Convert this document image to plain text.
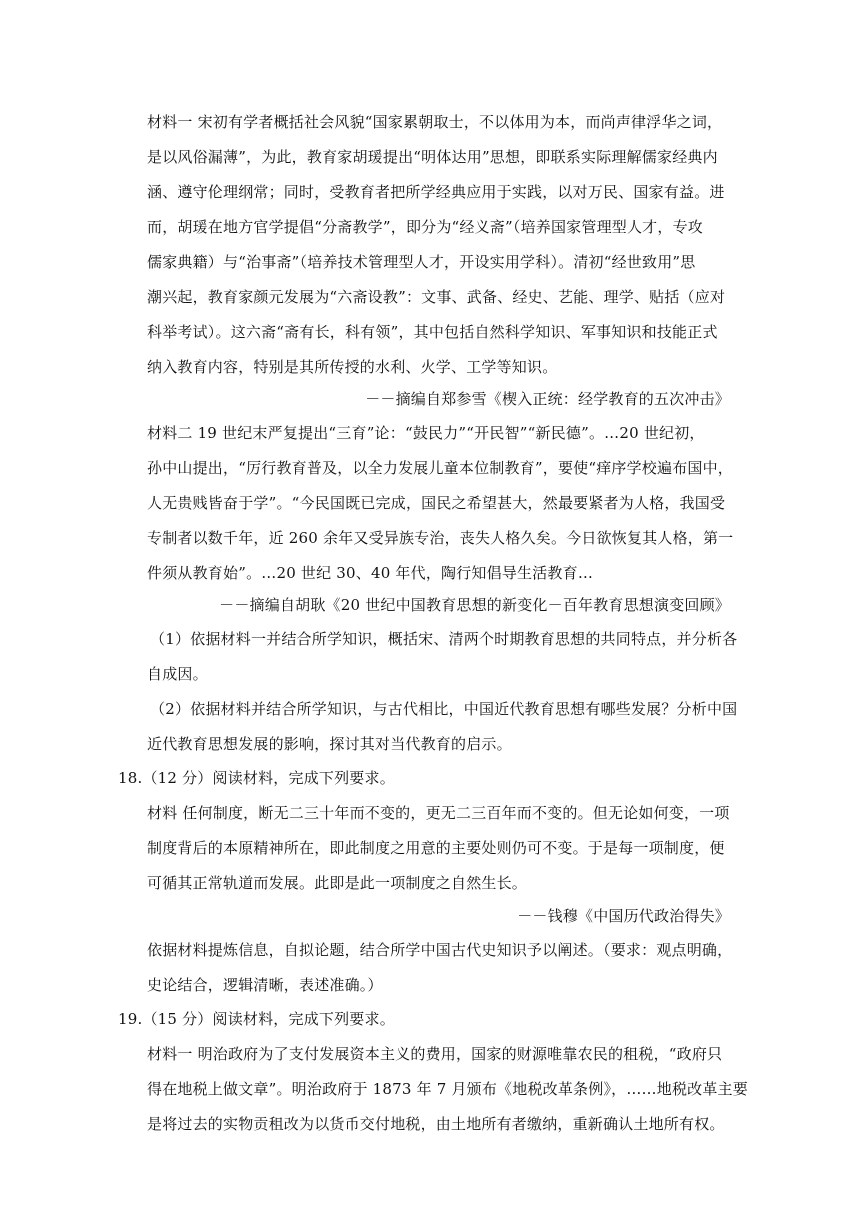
材料一 宋初有学者概括社会风貌“国家累朝取士，不以体用为本，而尚声律浮华之词，
是以风俗漏薄”，为此，教育家胡瑗提出“明体达用”思想，即联系实际理解儒家经典内
涵、遵守伦理纲常；同时，受教育者把所学经典应用于实践，以对万民、国家有益。进
而，胡瑗在地方官学提倡“分斋教学”，即分为“经义斋”（培养国家管理型人才，专攻
儒家典籍）与“治事斋”（培养技术管理型人才，开设实用学科）。清初“经世致用”思
潮兴起，教育家颜元发展为“六斋设教”：文事、武备、经史、艺能、理学、贴括（应对
科举考试）。这六斋“斋有长，科有领”，其中包括自然科学知识、军事知识和技能正式
纳入教育内容，特别是其所传授的水利、火学、工学等知识。
－－摘编自郑参雪《楔入正统：经学教育的五次冲击》
材料二 19 世纪末严复提出“三育”论：“鼓民力”“开民智”“新民德”。…20 世纪初，
孙中山提出，“厉行教育普及，以全力发展儿童本位制教育”，要使“痒序学校遍布国中，
人无贵贱皆奋于学”。“今民国既已完成，国民之希望甚大，然最要紧者为人格，我国受
专制者以数千年，近 260 余年又受异族专治，丧失人格久矣。今日欲恢复其人格，第一
件须从教育始”。…20 世纪 30、40 年代，陶行知倡导生活教育…
－－摘编自胡耿《20 世纪中国教育思想的新变化－百年教育思想演变回顾》
（1）依据材料一并结合所学知识，概括宋、清两个时期教育思想的共同特点，并分析各
自成因。
（2）依据材料并结合所学知识，与古代相比，中国近代教育思想有哪些发展？分析中国
近代教育思想发展的影响，探讨其对当代教育的启示。
18.（12 分）阅读材料，完成下列要求。
材料 任何制度，断无二三十年而不变的，更无二三百年而不变的。但无论如何变，一项
制度背后的本原精神所在，即此制度之用意的主要处则仍可不变。于是每一项制度，便
可循其正常轨道而发展。此即是此一项制度之自然生长。
－－钱穆《中国历代政治得失》
依据材料提炼信息，自拟论题，结合所学中国古代史知识予以阐述。（要求：观点明确，
史论结合，逻辑清晰，表述准确。）
19.（15 分）阅读材料，完成下列要求。
材料一 明治政府为了支付发展资本主义的费用，国家的财源唯靠农民的租税，“政府只
得在地税上做文章”。明治政府于 1873 年 7 月颁布《地税改革条例》，……地税改革主要
是将过去的实物贡租改为以货币交付地税，由土地所有者缴纳，重新确认土地所有权。
